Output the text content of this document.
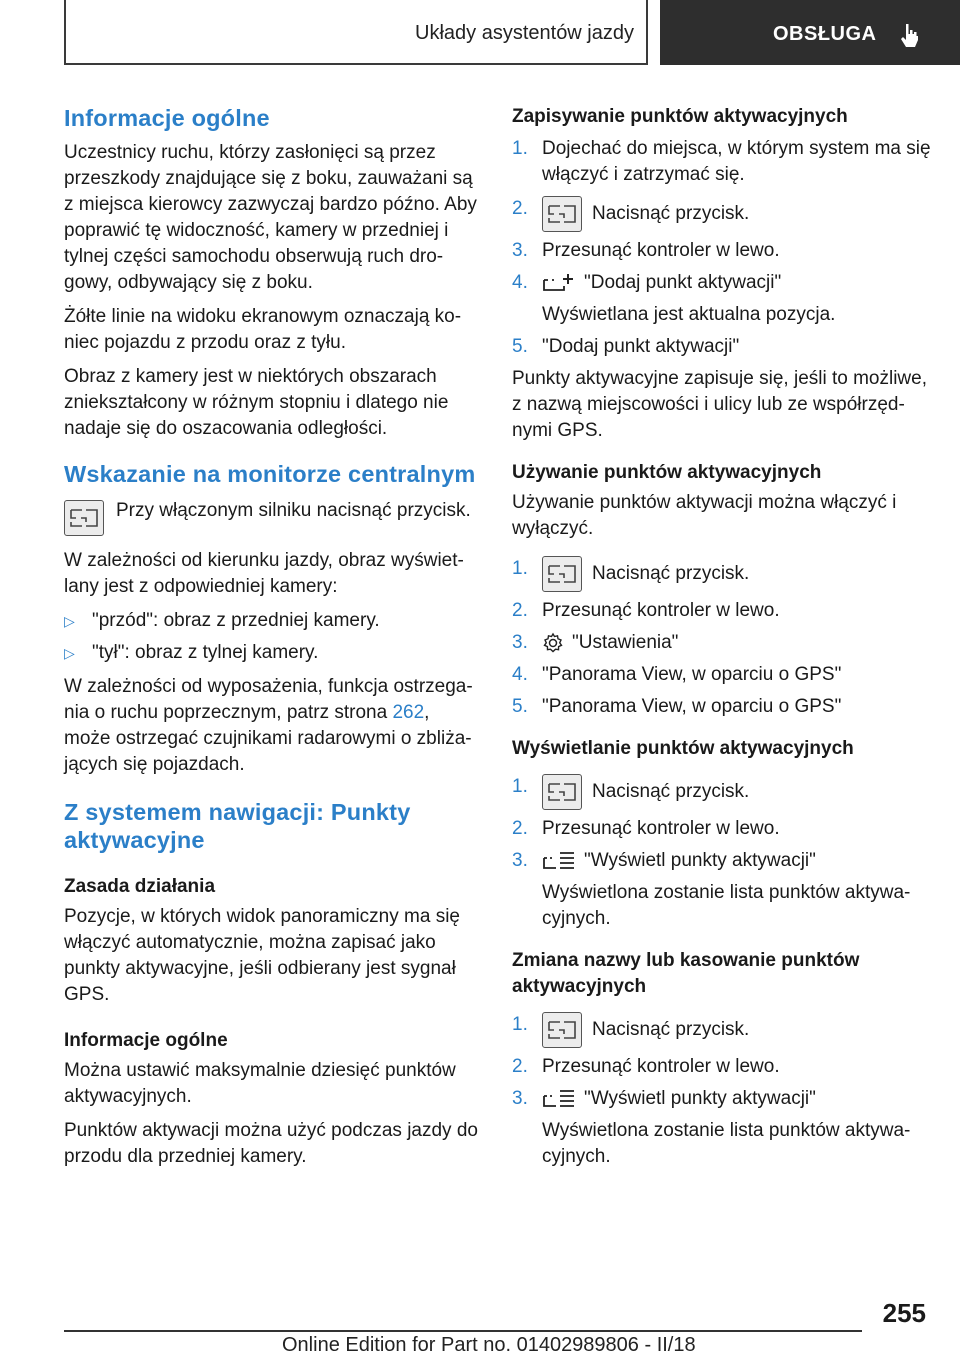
Układy asystentów jazdy	OBSŁUGA
Informacje ogólne

Uczestnicy ruchu, którzy zasłonięci są przez przeszkody znajdujące się z boku, zauważani są z miejsca kierowcy zazwyczaj bardzo późno. Aby poprawić tę widoczność, kamery w przedniej i tylnej części samochodu obserwują ruch dro-gowy, odbywający się z boku.

Żółte linie na widoku ekranowym oznaczają ko-niec pojazdu z przodu oraz z tyłu.

Obraz z kamery jest w niektórych obszarach zniekształcony w różnym stopniu i dlatego nie nadaje się do oszacowania odległości.

Wskazanie na monitorze centralnym

Przy włączonym silniku nacisnąć przycisk.

W zależności od kierunku jazdy, obraz wyświet-lany jest z odpowiedniej kamery:

▷ "przód": obraz z przedniej kamery.
▷ "tył": obraz z tylnej kamery.

W zależności od wyposażenia, funkcja ostrzega-nia o ruchu poprzecznym, patrz strona 262, może ostrzegać czujnikami radarowymi o zbliża-jących się pojazdach.

Z systemem nawigacji: Punkty aktywacyjne
Zasada działania

Pozycje, w których widok panoramiczny ma się włączyć automatycznie, można zapisać jako punkty aktywacyjne, jeśli odbierany jest sygnał GPS.

Informacje ogólne

Można ustawić maksymalnie dziesięć punktów aktywacyjnych.

Punktów aktywacji można użyć podczas jazdy do przodu dla przedniej kamery.

Zapisywanie punktów aktywacyjnych
1. Dojechać do miejsca, w którym system ma się włączyć i zatrzymać się.
2.	Nacisnąć przycisk.
3. Przesunąć kontroler w lewo.
4.	"Dodaj punkt aktywacji"
Wyświetlana jest aktualna pozycja.
5. "Dodaj punkt aktywacji"

Punkty aktywacyjne zapisuje się, jeśli to możliwe, z nazwą miejscowości i ulicy lub ze współrzęd-nymi GPS.

Używanie punktów aktywacyjnych

Używanie punktów aktywacji można włączyć i wyłączyć.

1.	Nacisnąć przycisk.
2. Przesunąć kontroler w lewo.
3. "Ustawienia"
4. "Panorama View, w oparciu o GPS"
5. "Panorama View, w oparciu o GPS"
Wyświetlanie punktów aktywacyjnych
1.	Nacisnąć przycisk.
2. Przesunąć kontroler w lewo.
3.	"Wyświetl punkty aktywacji"
Wyświetlona zostanie lista punktów aktywa-cyjnych.
Zmiana nazwy lub kasowanie punktów aktywacyjnych
1.	Nacisnąć przycisk.
2. Przesunąć kontroler w lewo.
3.	"Wyświetl punkty aktywacji"
Wyświetlona zostanie lista punktów aktywa-cyjnych.
255
Online Edition for Part no. 01402989806 - II/18
